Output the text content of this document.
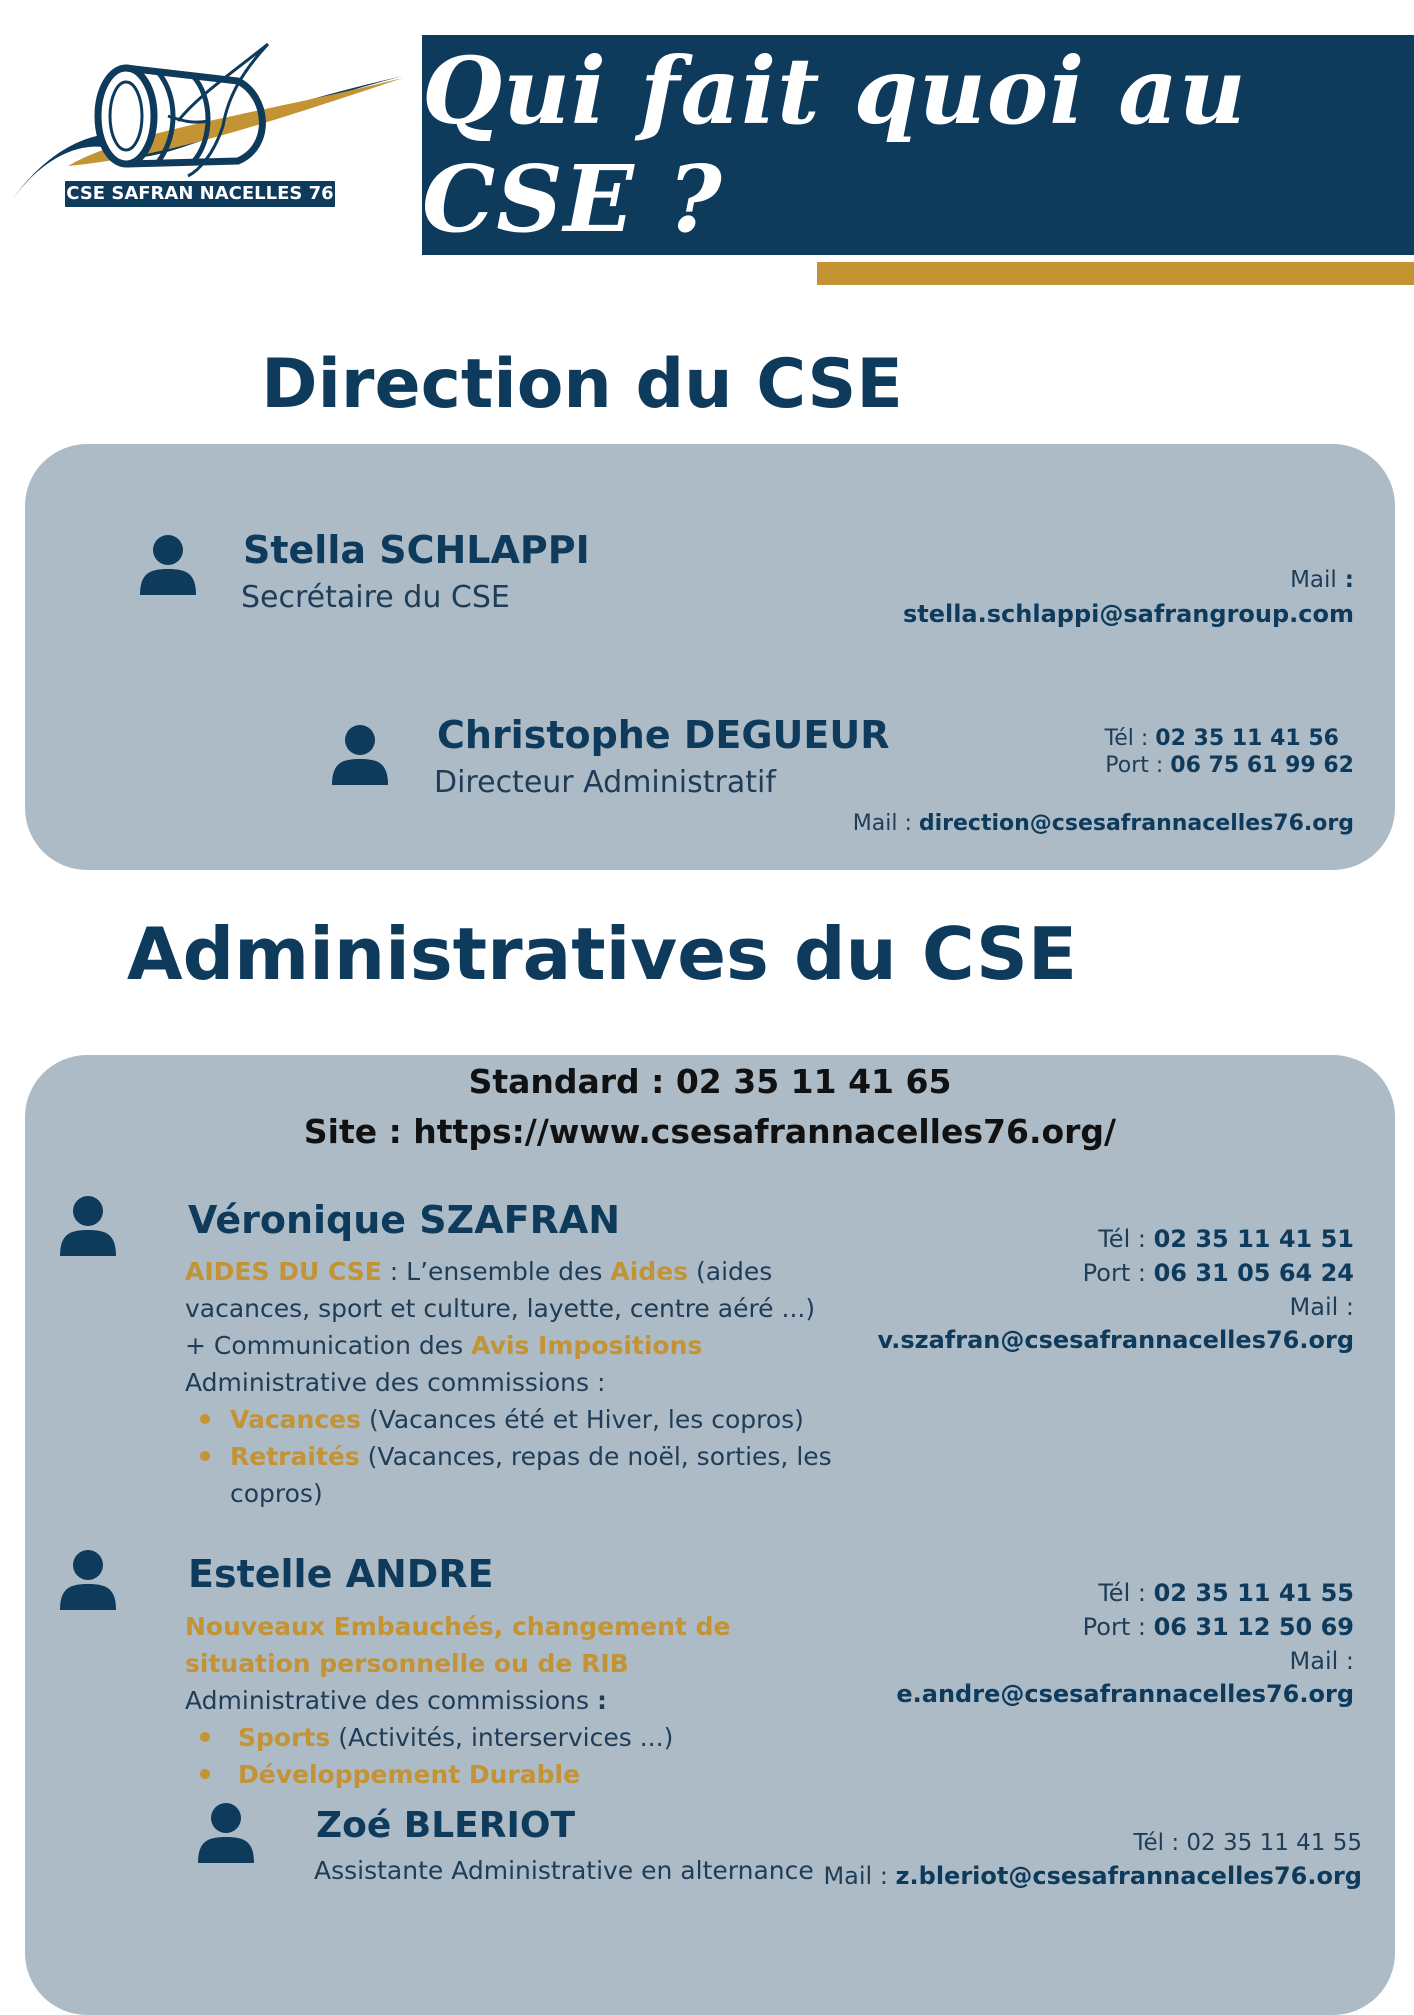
CSE SAFRAN NACELLES 76
Qui fait quoi au CSE ?
Direction du CSE
Stella SCHLAPPI
Secrétaire du CSE	Mail :
stella.schlappi@safrangroup.com
Christophe DEGUEUR
Directeur Administratif
Tél : 02 35 11 41 56
Port : 06 75 61 99 62
Mail : direction@csesafrannacelles76.org
Administratives du CSE
Standard : 02 35 11 41 65
Site : https://www.csesafrannacelles76.org/
Véronique SZAFRAN
AIDES DU CSE : L’ensemble des Aides (aides
vacances, sport et culture, layette, centre aéré ...)
+ Communication des Avis Impositions
Administrative des commissions :
Vacances (Vacances été et Hiver, les copros)
Retraités (Vacances, repas de noël, sorties, les
copros)
Tél : 02 35 11 41 51
Port : 06 31 05 64 24
Mail :
v.szafran@csesafrannacelles76.org
Estelle ANDRE
Nouveaux Embauchés, changement de
situation personnelle ou de RIB
Administrative des commissions :
Sports (Activités, interservices ...)
Développement Durable
Tél : 02 35 11 41 55
Port : 06 31 12 50 69
Mail :
e.andre@csesafrannacelles76.org
Zoé BLERIOT
Assistante Administrative en alternance
Tél : 02 35 11 41 55
Mail : z.bleriot@csesafrannacelles76.org
